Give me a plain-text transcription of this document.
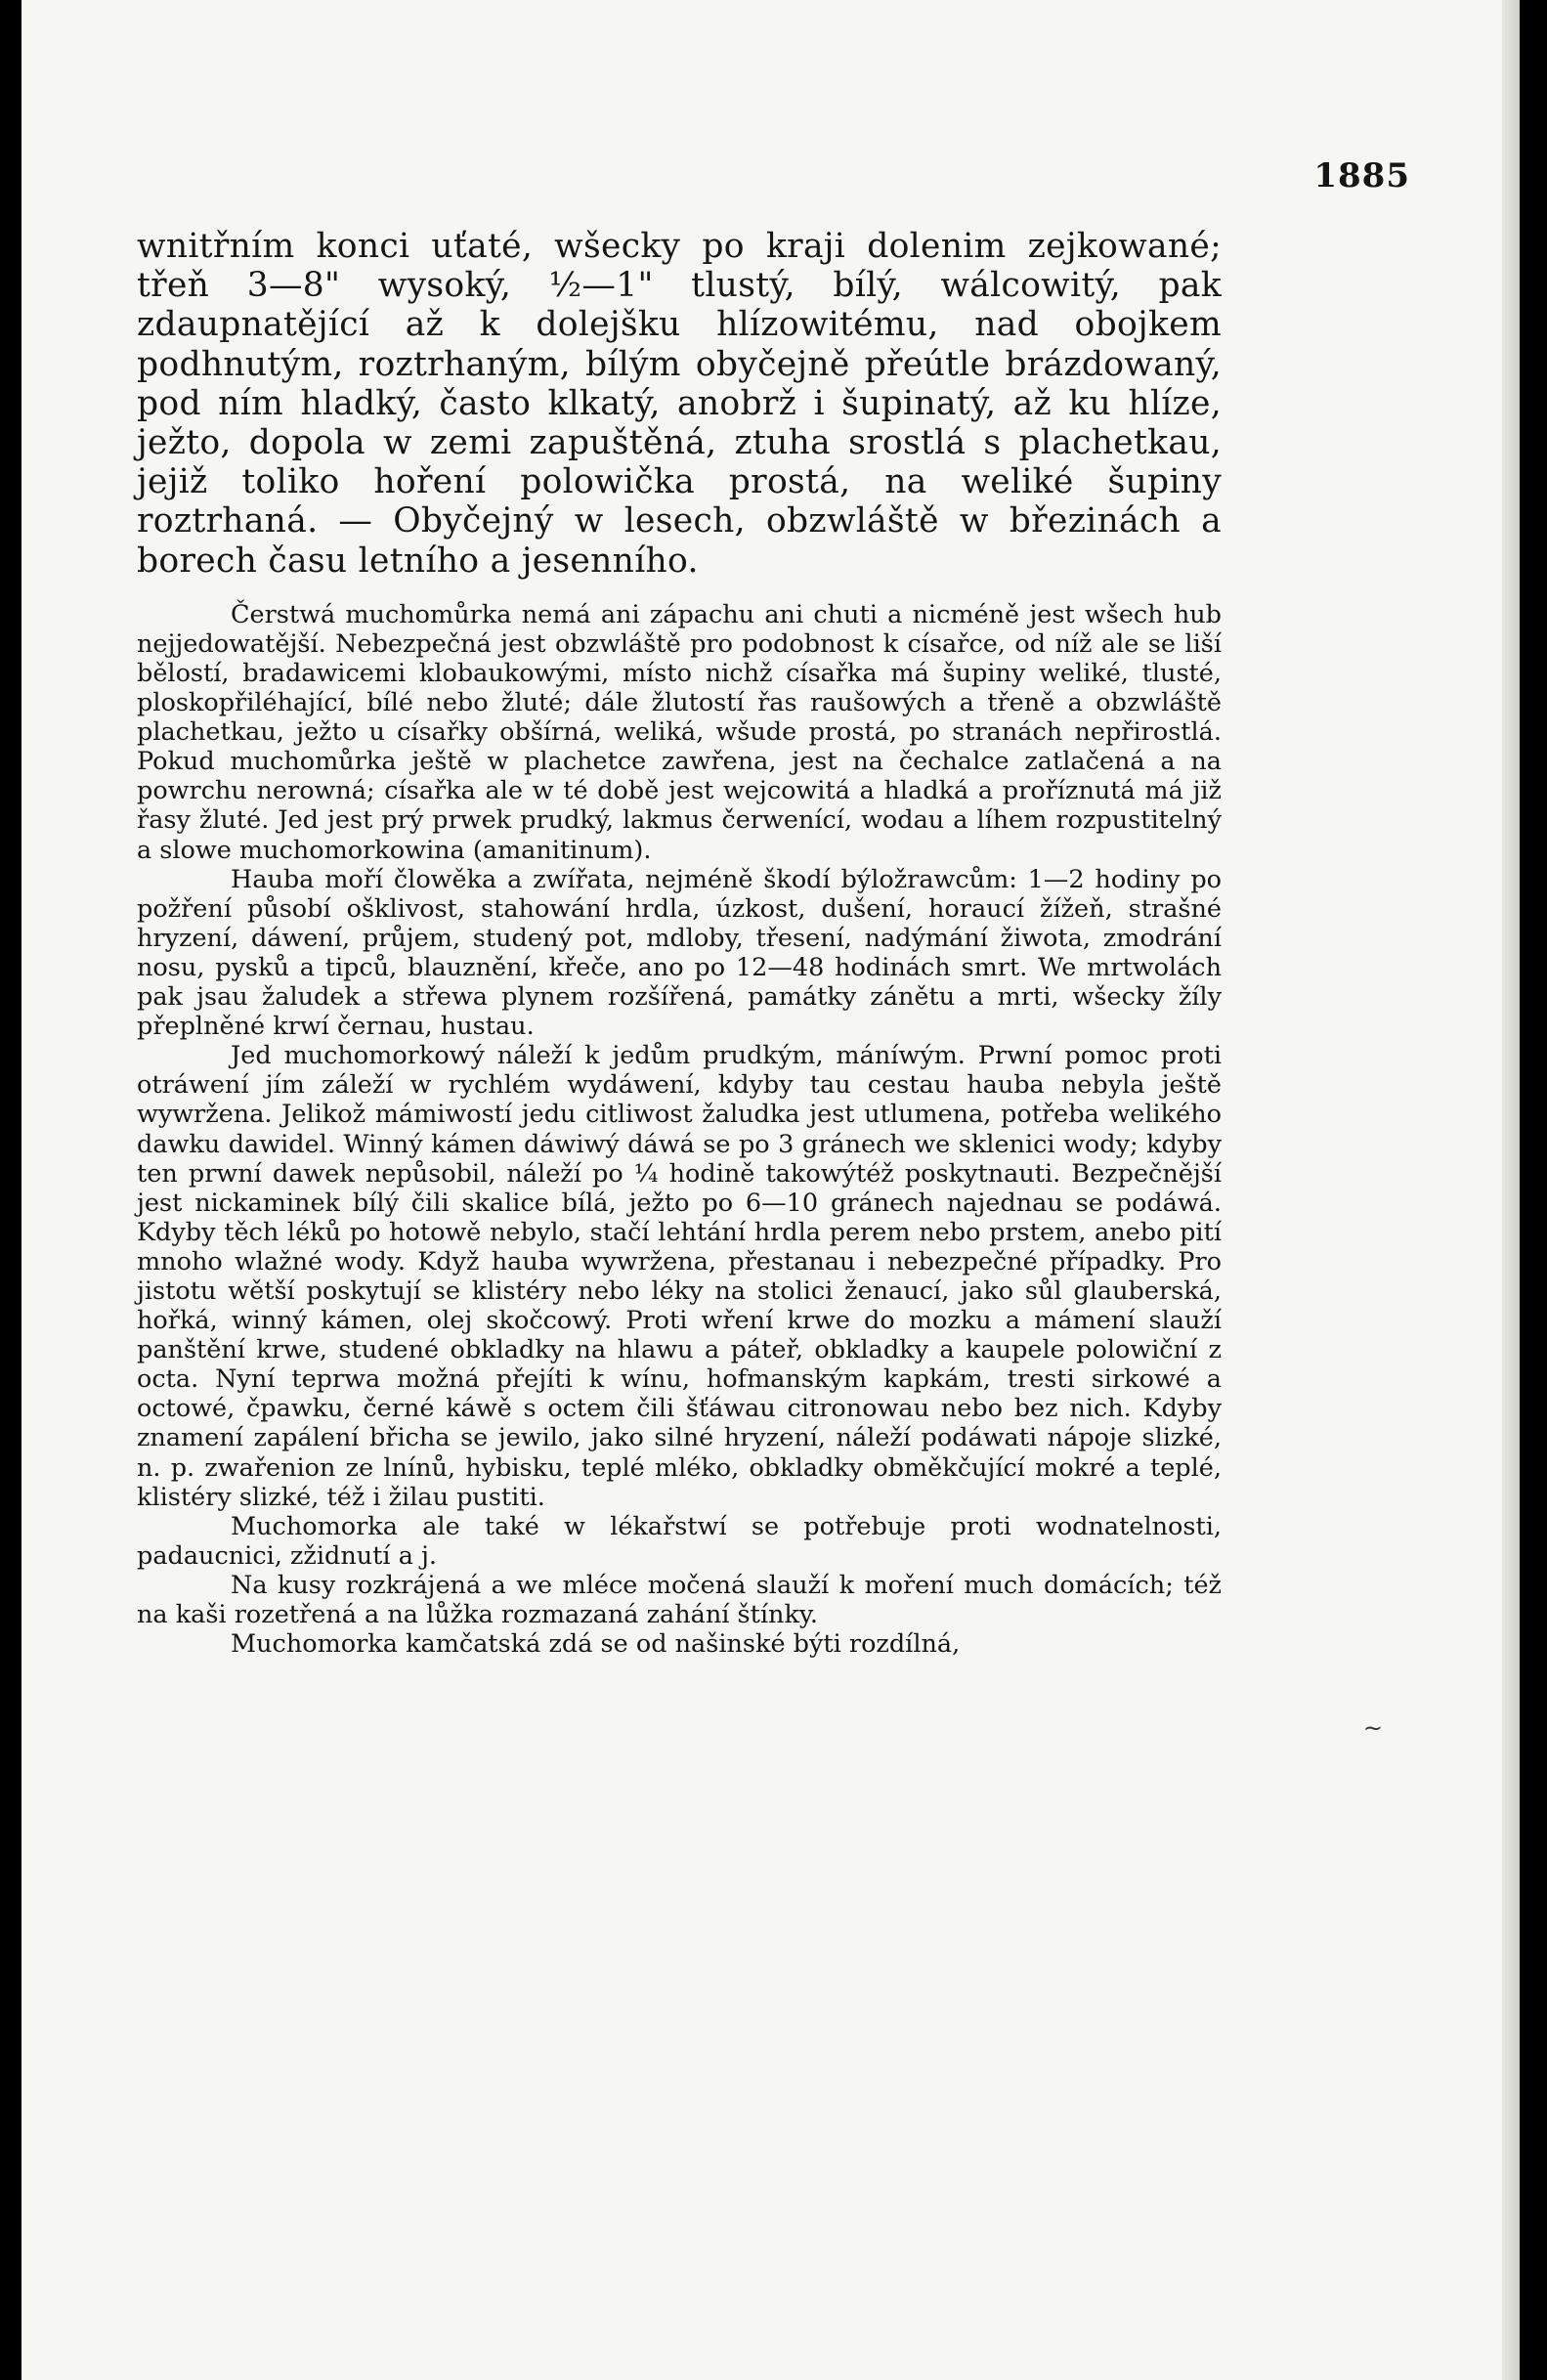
1885

wnitřním konci uťaté, wšecky po kraji dolenim zejkowané; třeň 3—8" wysoký, ½—1" tlustý, bílý, wálcowitý, pak zdaupnatějící až k dolejšku hlízowitému, nad obojkem podhnutým, roztrhaným, bílým obyčejně přeútle brázdowaný, pod ním hladký, často klkatý, anobrž i šupinatý, až ku hlíze, ježto, dopola w zemi zapuštěná, ztuha srostlá s plachetkau, jejiž toliko hoření polowička prostá, na weliké šupiny roztrhaná. — Obyčejný w lesech, obzwláště w březinách a borech času letního a jesenního.

Čerstwá muchomůrka nemá ani zápachu ani chuti a nicméně jest wšech hub nejjedowatější. Nebezpečná jest obzwláště pro podobnost k císařce, od níž ale se liší bělostí, bradawicemi klobaukowými, místo nichž císařka má šupiny weliké, tlusté, ploskopřiléhající, bílé nebo žluté; dále žlutostí řas raušowých a třeně a obzwláště plachetkau, ježto u císařky obšírná, weliká, wšude prostá, po stranách nepřirostlá. Pokud muchomůrka ještě w plachetce zawřena, jest na čechalce zatlačená a na powrchu nerowná; císařka ale w té době jest wejcowitá a hladká a proříznutá má již řasy žluté. Jed jest prý prwek prudký, lakmus čerwenící, wodau a líhem rozpustitelný a slowe muchomorkowina (amanitinum).

Hauba moří člowěka a zwířata, nejméně škodí býložrawcům: 1—2 hodiny po požření působí ošklivost, stahowání hrdla, úzkost, dušení, horaucí žížeň, strašné hryzení, dáwení, průjem, studený pot, mdloby, třesení, nadýmání žiwota, zmodrání nosu, pysků a tipců, blauznění, křeče, ano po 12—48 hodinách smrt. We mrtwolách pak jsau žaludek a střewa plynem rozšířená, památky zánětu a mrti, wšecky žíly přeplněné krwí černau, hustau.

Jed muchomorkowý náleží k jedům prudkým, máníwým. Prwní pomoc proti otráwení jím záleží w rychlém wydáwení, kdyby tau cestau hauba nebyla ještě wywržena. Jelikož mámiwostí jedu citliwost žaludka jest utlumena, potřeba welikého dawku dawidel. Winný kámen dáwiwý dáwá se po 3 gránech we sklenici wody; kdyby ten prwní dawek nepůsobil, náleží po ¼ hodině takowýtéž poskytnauti. Bezpečnější jest nickaminek bílý čili skalice bílá, ježto po 6—10 gránech najednau se podáwá. Kdyby těch léků po hotowě nebylo, stačí lehtání hrdla perem nebo prstem, anebo pití mnoho wlažné wody. Když hauba wywržena, přestanau i nebezpečné případky. Pro jistotu wětší poskytují se klistéry nebo léky na stolici ženaucí, jako sůl glauberská, hořká, winný kámen, olej skočcowý. Proti wření krwe do mozku a mámení slauží panštění krwe, studené obkladky na hlawu a páteř, obkladky a kaupele polowiční z octa. Nyní teprwa možná přejíti k wínu, hofmanským kapkám, tresti sirkowé a octowé, čpawku, černé káwě s octem čili šťáwau citronowau nebo bez nich. Kdyby znamení zapálení břicha se jewilo, jako silné hryzení, náleží podáwati nápoje slizké, n. p. zwařenion ze lnínů, hybisku, teplé mléko, obkladky obměkčující mokré a teplé, klistéry slizké, též i žilau pustiti.

Muchomorka ale také w lékařstwí se potřebuje proti wodnatelnosti, padaucnici, zžidnutí a j.

Na kusy rozkrájená a we mléce močená slauží k moření much domácích; též na kaši rozetřená a na lůžka rozmazaná zahání štínky.

Muchomorka kamčatská zdá se od našinské býti rozdílná,

~
